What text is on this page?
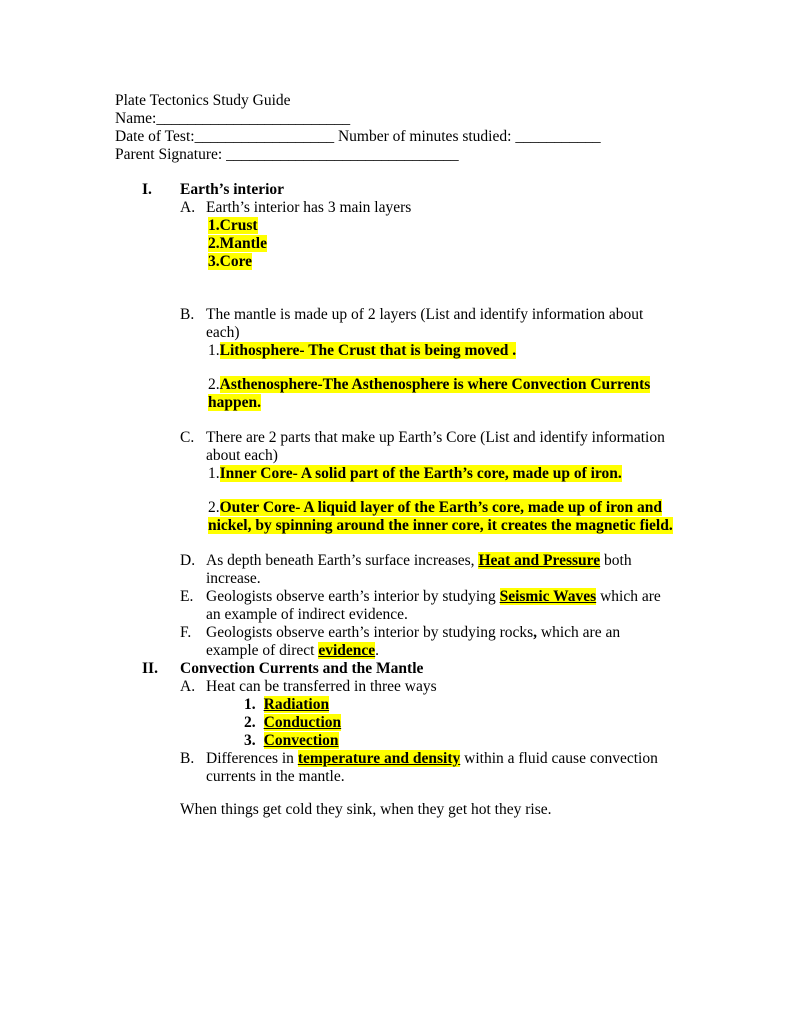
Plate Tectonics Study Guide
Name:_________________________
Date of Test:__________________ Number of minutes studied: ___________
Parent Signature: ______________________________
I.	Earth’s interior
A. Earth’s interior has 3 main layers
1.Crust
2.Mantle
3.Core
B. The mantle is made up of 2 layers (List and identify information about each)
1.Lithosphere- The Crust that is being moved .
2.Asthenosphere-The Asthenosphere is where Convection Currents happen.
C. There are 2 parts that make up Earth’s Core (List and identify information about each)
1.Inner Core- A solid part of the Earth’s core, made up of iron.
2.Outer Core- A liquid layer of the Earth’s core, made up of iron and nickel, by spinning around the inner core, it creates the magnetic field.
D. As depth beneath Earth’s surface increases, Heat and Pressure both increase.
E. Geologists observe earth’s interior by studying Seismic Waves which are an example of indirect evidence.
F. Geologists observe earth’s interior by studying rocks, which are an example of direct evidence.
II.	Convection Currents and the Mantle
A. Heat can be transferred in three ways
1. Radiation
2. Conduction
3. Convection
B. Differences in temperature and density within a fluid cause convection currents in the mantle.
When things get cold they sink, when they get hot they rise.
